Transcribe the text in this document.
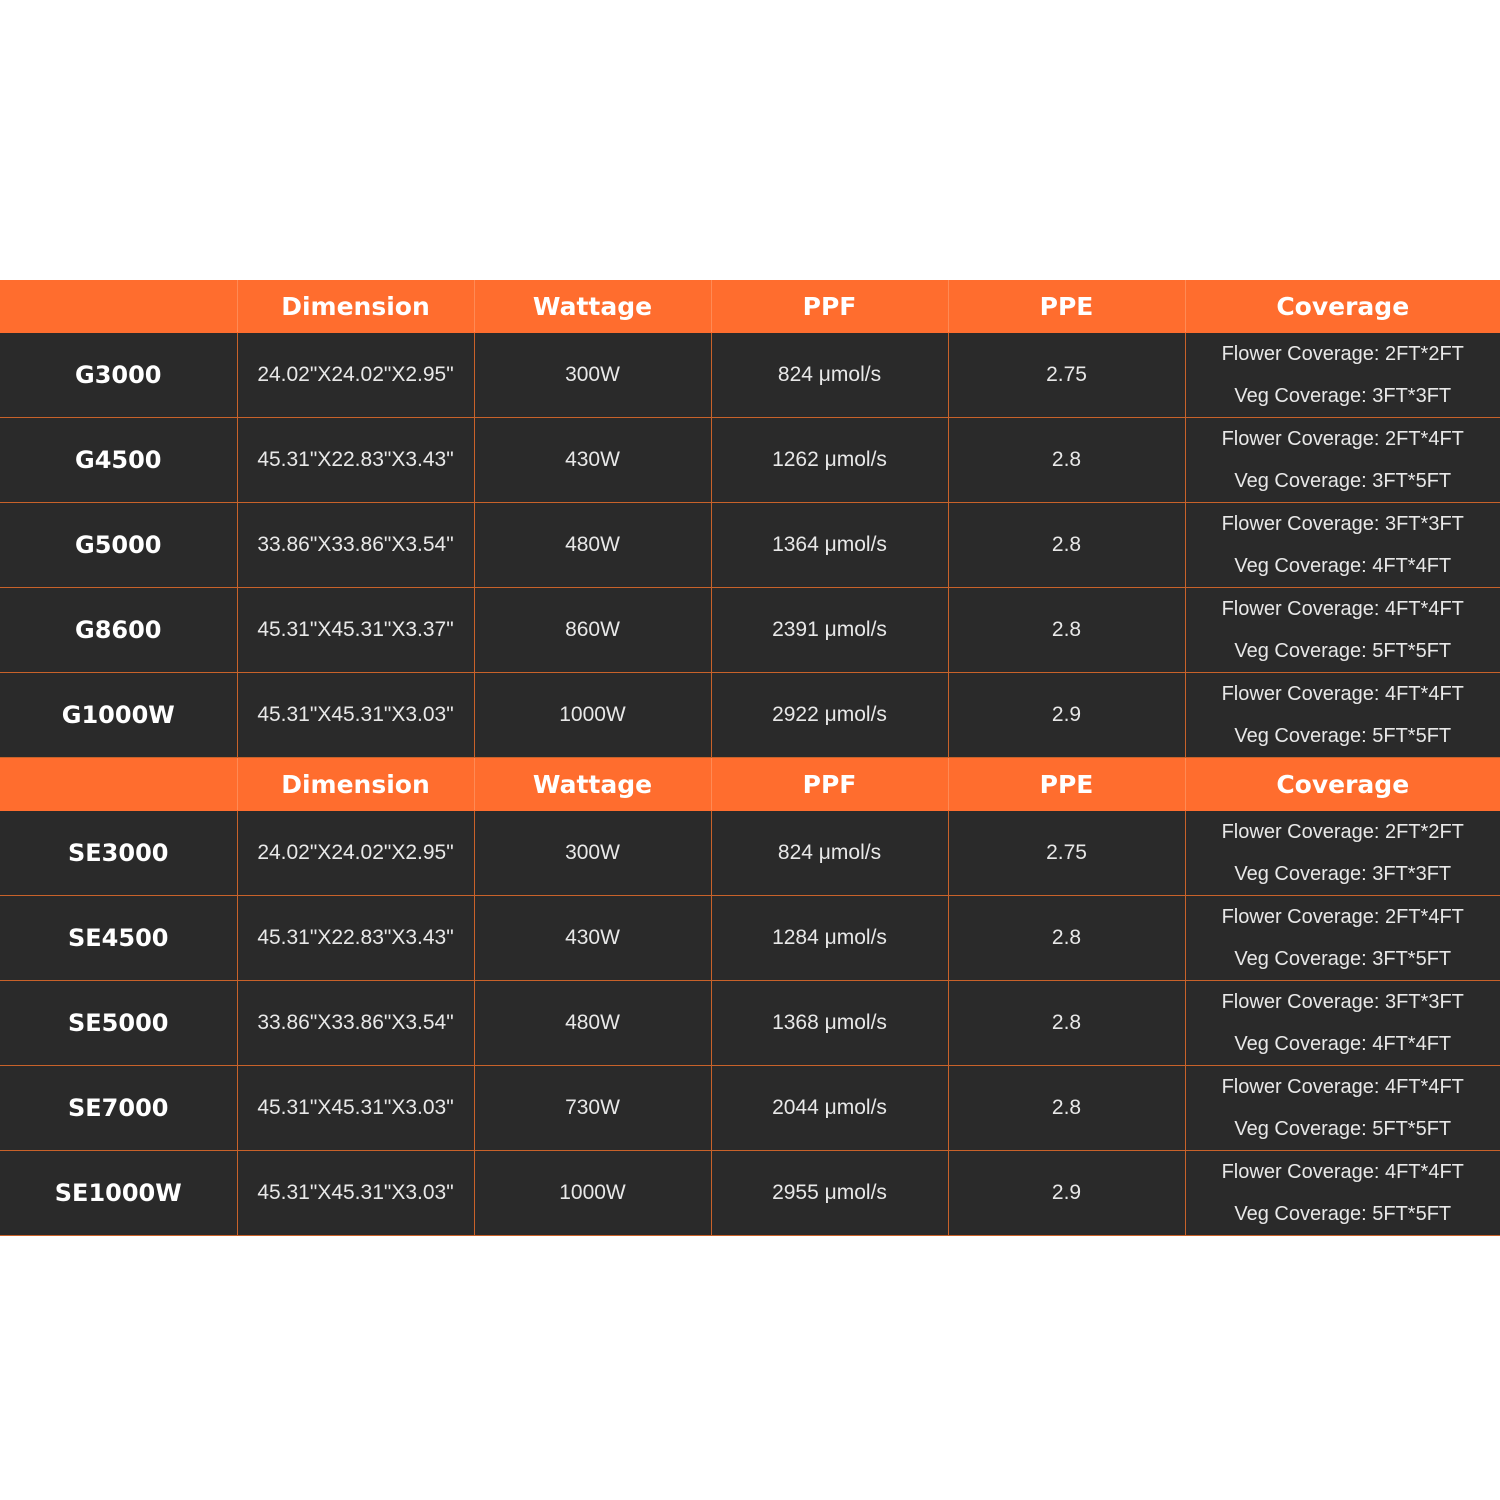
	Dimension	Wattage	PPF	PPE	Coverage
G3000	24.02"X24.02"X2.95"	300W	824 μmol/s	2.75	Flower Coverage: 2FT*2FT
Veg Coverage: 3FT*3FT

G4500	45.31"X22.83"X3.43"	430W	1262 μmol/s	2.8	Flower Coverage: 2FT*4FT
Veg Coverage: 3FT*5FT

G5000	33.86"X33.86"X3.54"	480W	1364 μmol/s	2.8	Flower Coverage: 3FT*3FT
Veg Coverage: 4FT*4FT

G8600	45.31"X45.31"X3.37"	860W	2391 μmol/s	2.8	Flower Coverage: 4FT*4FT
Veg Coverage: 5FT*5FT

G1000W	45.31"X45.31"X3.03"	1000W	2922 μmol/s	2.9	Flower Coverage: 4FT*4FT
Veg Coverage: 5FT*5FT

	Dimension	Wattage	PPF	PPE	Coverage
SE3000	24.02"X24.02"X2.95"	300W	824 μmol/s	2.75	Flower Coverage: 2FT*2FT
Veg Coverage: 3FT*3FT

SE4500	45.31"X22.83"X3.43"	430W	1284 μmol/s	2.8	Flower Coverage: 2FT*4FT
Veg Coverage: 3FT*5FT

SE5000	33.86"X33.86"X3.54"	480W	1368 μmol/s	2.8	Flower Coverage: 3FT*3FT
Veg Coverage: 4FT*4FT

SE7000	45.31"X45.31"X3.03"	730W	2044 μmol/s	2.8	Flower Coverage: 4FT*4FT
Veg Coverage: 5FT*5FT

SE1000W	45.31"X45.31"X3.03"	1000W	2955 μmol/s	2.9	Flower Coverage: 4FT*4FT
Veg Coverage: 5FT*5FT
